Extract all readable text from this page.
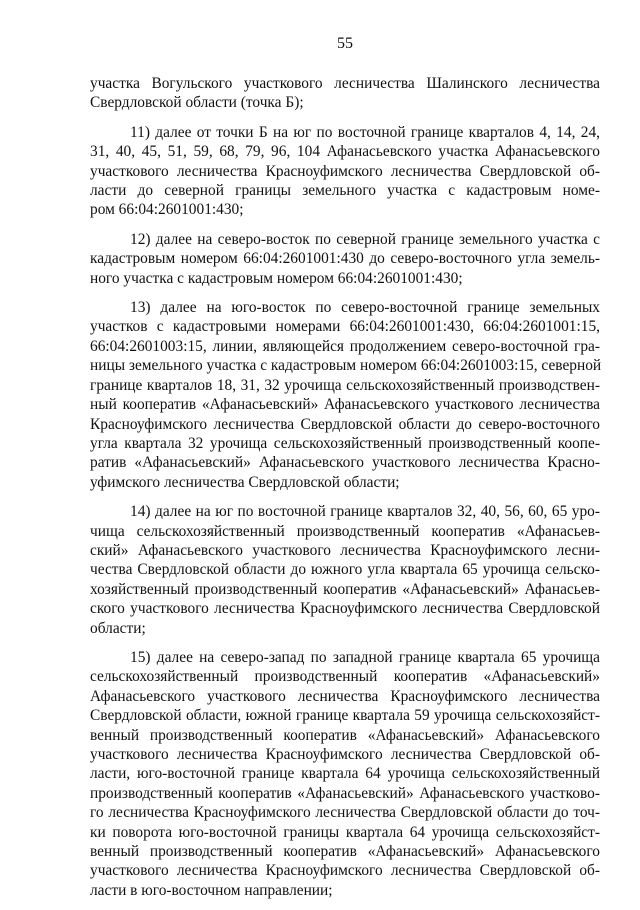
55
участка Вогульского участкового лесничества Шалинского лесничества
Свердловской области (точка Б);
11) далее от точки Б на юг по восточной границе кварталов 4, 14, 24,
31, 40, 45, 51, 59, 68, 79, 96, 104 Афанасьевского участка Афанасьевского
участкового лесничества Красноуфимского лесничества Свердловской об-
ласти до северной границы земельного участка с кадастровым номе-
ром 66:04:2601001:430;
12) далее на северо-восток по северной границе земельного участка с
кадастровым номером 66:04:2601001:430 до северо-восточного угла земель-
ного участка с кадастровым номером 66:04:2601001:430;
13) далее на юго-восток по северо-восточной границе земельных
участков с кадастровыми номерами 66:04:2601001:430, 66:04:2601001:15,
66:04:2601003:15, линии, являющейся продолжением северо-восточной гра-
ницы земельного участка с кадастровым номером 66:04:2601003:15, северной
границе кварталов 18, 31, 32 урочища сельскохозяйственный производствен-
ный кооператив «Афанасьевский» Афанасьевского участкового лесничества
Красноуфимского лесничества Свердловской области до северо-восточного
угла квартала 32 урочища сельскохозяйственный производственный коопе-
ратив «Афанасьевский» Афанасьевского участкового лесничества Красно-
уфимского лесничества Свердловской области;
14) далее на юг по восточной границе кварталов 32, 40, 56, 60, 65 уро-
чища сельскохозяйственный производственный кооператив «Афанасьев-
ский» Афанасьевского участкового лесничества Красноуфимского лесни-
чества Свердловской области до южного угла квартала 65 урочища сельско-
хозяйственный производственный кооператив «Афанасьевский» Афанасьев-
ского участкового лесничества Красноуфимского лесничества Свердловской
области;
15) далее на северо-запад по западной границе квартала 65 урочища
сельскохозяйственный производственный кооператив «Афанасьевский»
Афанасьевского участкового лесничества Красноуфимского лесничества
Свердловской области, южной границе квартала 59 урочища сельскохозяйст-
венный производственный кооператив «Афанасьевский» Афанасьевского
участкового лесничества Красноуфимского лесничества Свердловской об-
ласти, юго-восточной границе квартала 64 урочища сельскохозяйственный
производственный кооператив «Афанасьевский» Афанасьевского участково-
го лесничества Красноуфимского лесничества Свердловской области до точ-
ки поворота юго-восточной границы квартала 64 урочища сельскохозяйст-
венный производственный кооператив «Афанасьевский» Афанасьевского
участкового лесничества Красноуфимского лесничества Свердловской об-
ласти в юго-восточном направлении;
